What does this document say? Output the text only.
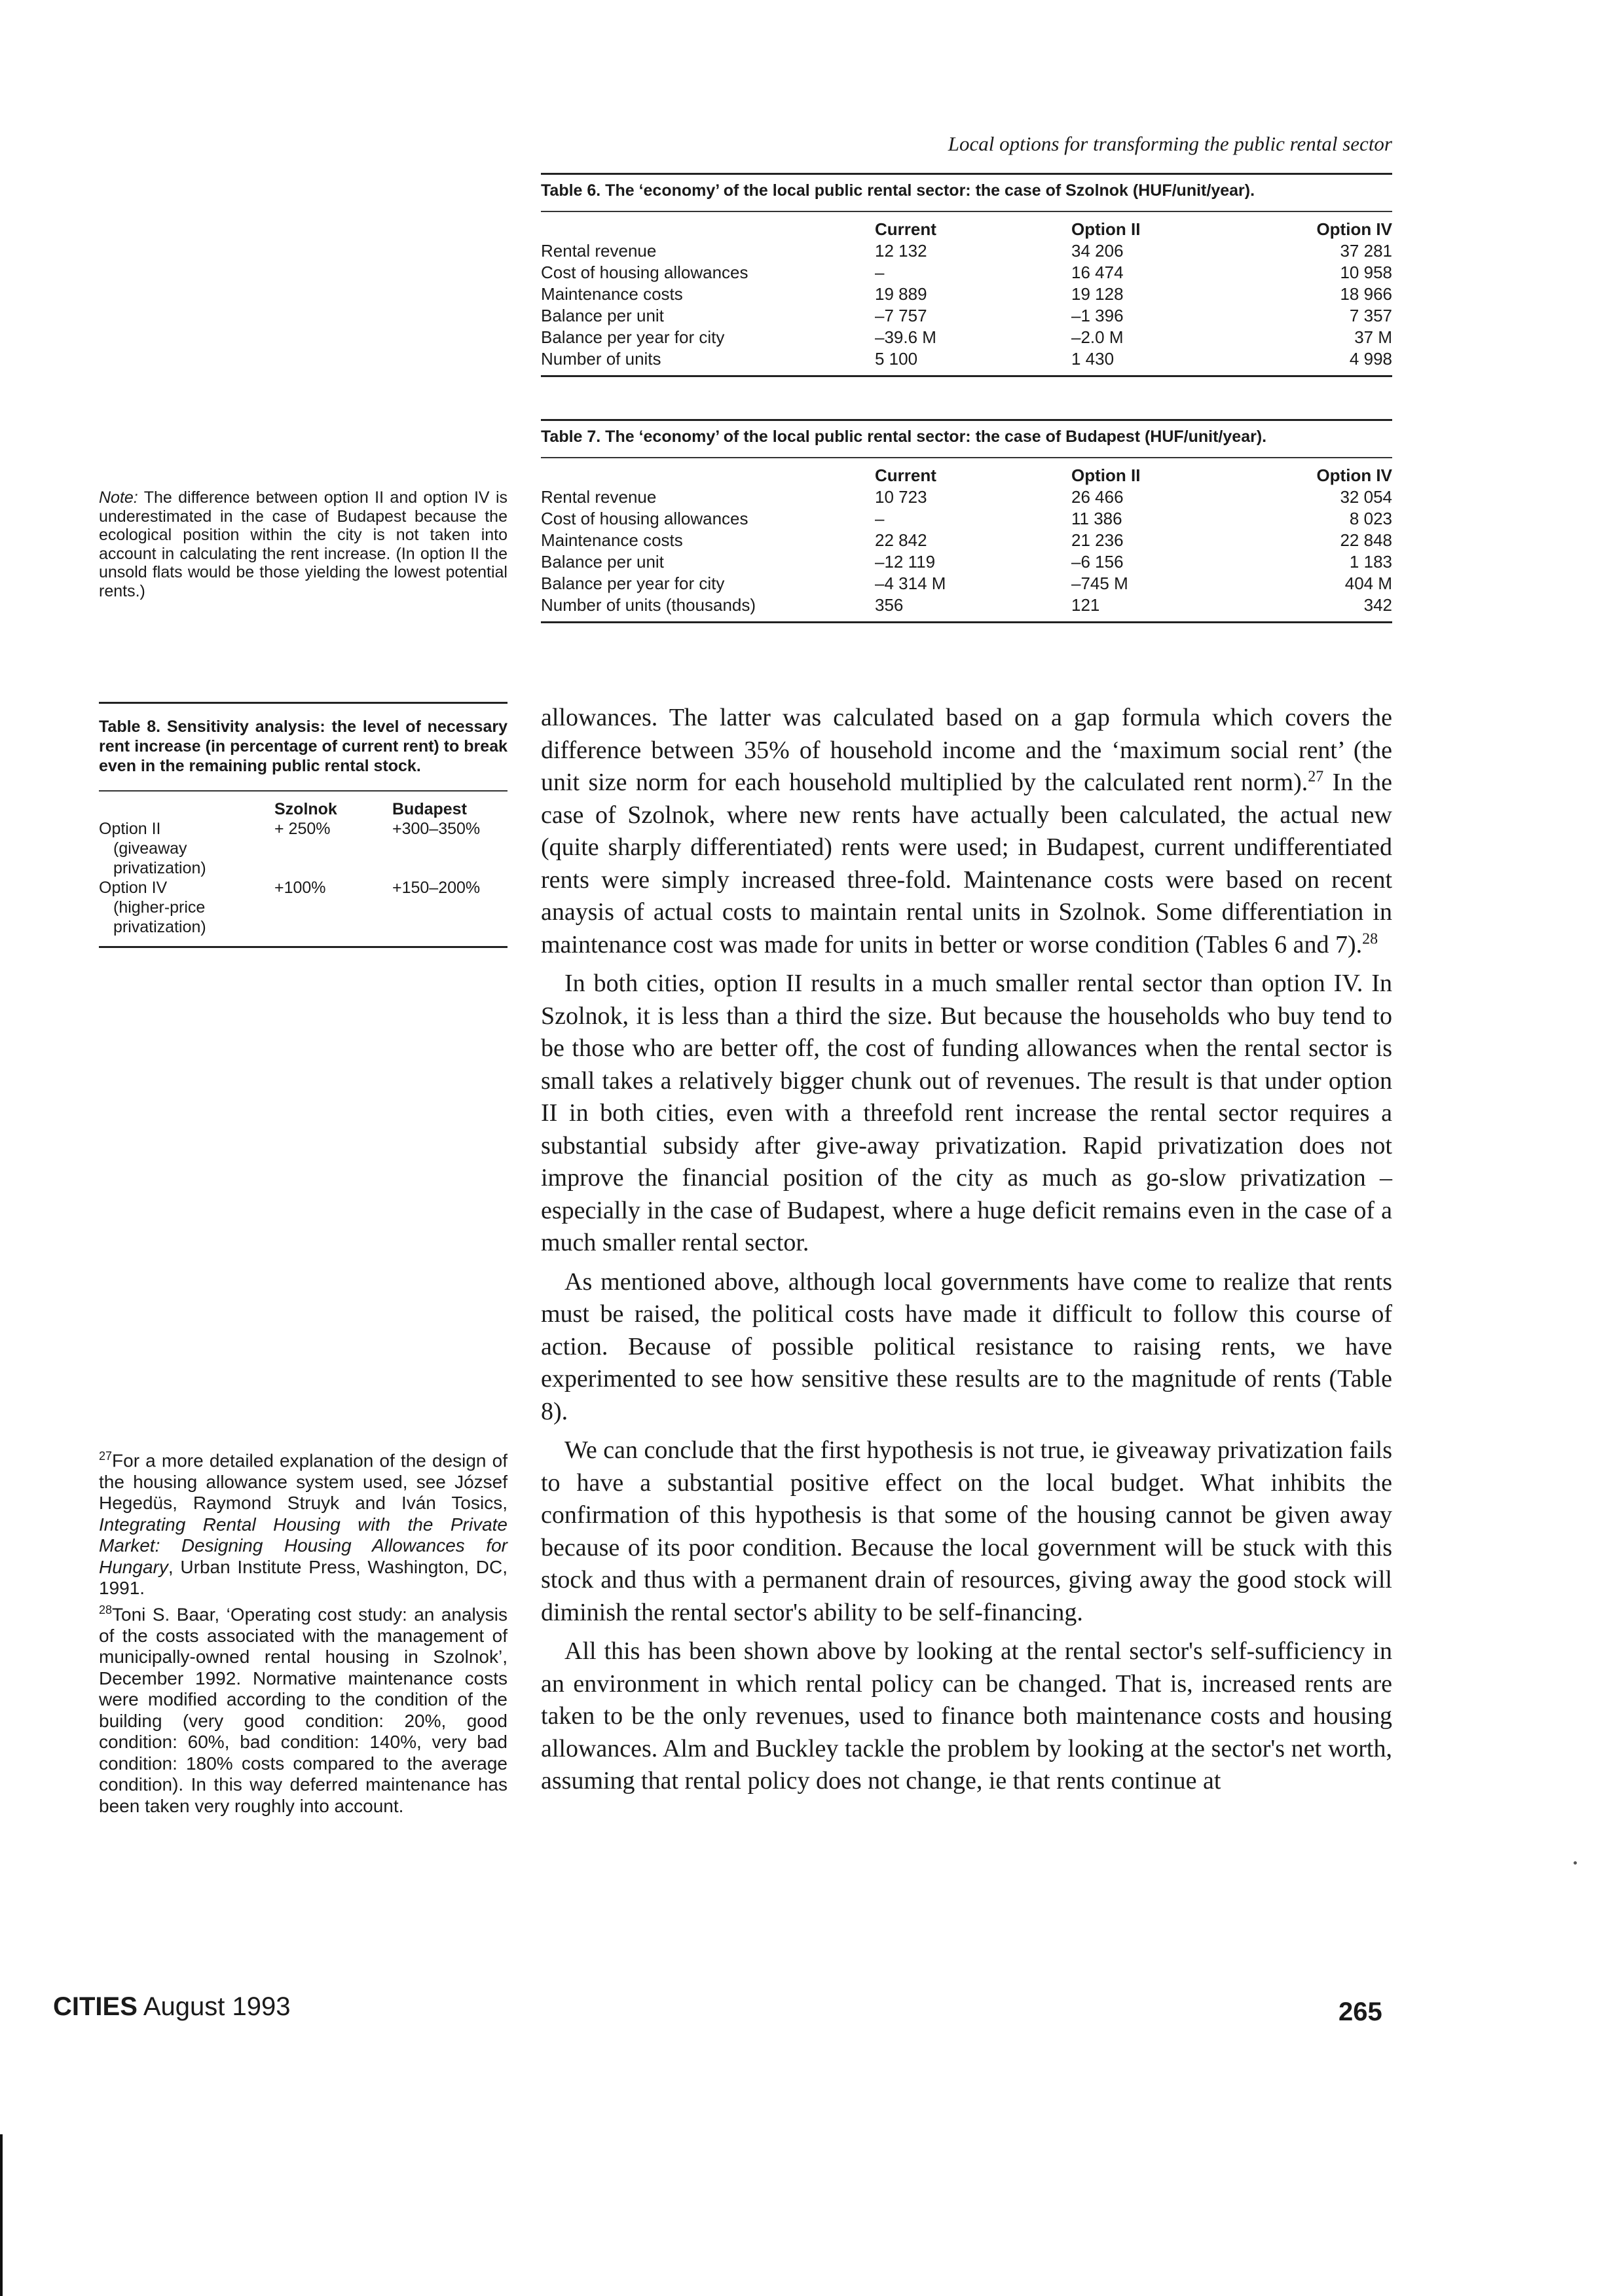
Local options for transforming the public rental sector
Table 6. The ‘economy’ of the local public rental sector: the case of Szolnok (HUF/unit/year).
	Current	Option II	Option IV
Rental revenue	12 132	34 206	37 281
Cost of housing allowances	–	16 474	10 958
Maintenance costs	19 889	19 128	18 966
Balance per unit	–7 757	–1 396	7 357
Balance per year for city	–39.6 M	–2.0 M	37 M
Number of units	5 100	1 430	4 998
Table 7. The ‘economy’ of the local public rental sector: the case of Budapest (HUF/unit/year).
	Current	Option II	Option IV
Rental revenue	10 723	26 466	32 054
Cost of housing allowances	–	11 386	8 023
Maintenance costs	22 842	21 236	22 848
Balance per unit	–12 119	–6 156	1 183
Balance per year for city	–4 314 M	–745 M	404 M
Number of units (thousands)	356	121	342
Note: The difference between option II and option IV is underestimated in the case of Budapest because the ecological position within the city is not taken into account in calculating the rent increase. (In option II the unsold flats would be those yielding the lowest potential rents.)
Table 8. Sensitivity analysis: the level of necessary rent increase (in percentage of current rent) to break even in the remaining public rental stock.
	Szolnok	Budapest

Option II
(giveaway
privatization)	+ 250%	+300–350%

Option IV
(higher-price
privatization)	+100%	+150–200%

$^{27}$For a more detailed explanation of the design of the housing allowance system used, see József Hegedüs, Raymond Struyk and Iván Tosics, Integrating Rental Housing with the Private Market: Designing Housing Allowances for Hungary, Urban Institute Press, Washington, DC, 1991.

$^{28}$Toni S. Baar, ‘Operating cost study: an analysis of the costs associated with the management of municipally-owned rental housing in Szolnok’, December 1992. Normative maintenance costs were modified according to the condition of the building (very good condition: 20%, good condition: 60%, bad condition: 140%, very bad condition: 180% costs compared to the average condition). In this way deferred maintenance has been taken very roughly into account.

allowances. The latter was calculated based on a gap formula which covers the difference between 35% of household income and the ‘maximum social rent’ (the unit size norm for each household multiplied by the calculated rent norm).$^{27}$ In the case of Szolnok, where new rents have actually been calculated, the actual new (quite sharply differentiated) rents were used; in Budapest, current undifferentiated rents were simply increased three-fold. Maintenance costs were based on recent anaysis of actual costs to maintain rental units in Szolnok. Some differentiation in maintenance cost was made for units in better or worse condition (Tables 6 and 7).$^{28}$

In both cities, option II results in a much smaller rental sector than option IV. In Szolnok, it is less than a third the size. But because the households who buy tend to be those who are better off, the cost of funding allowances when the rental sector is small takes a relatively bigger chunk out of revenues. The result is that under option II in both cities, even with a threefold rent increase the rental sector requires a substantial subsidy after give-away privatization. Rapid privatization does not improve the financial position of the city as much as go-slow privatization – especially in the case of Budapest, where a huge deficit remains even in the case of a much smaller rental sector.

As mentioned above, although local governments have come to realize that rents must be raised, the political costs have made it difficult to follow this course of action. Because of possible political resistance to raising rents, we have experimented to see how sensitive these results are to the magnitude of rents (Table 8).

We can conclude that the first hypothesis is not true, ie giveaway privatization fails to have a substantial positive effect on the local budget. What inhibits the confirmation of this hypothesis is that some of the housing cannot be given away because of its poor condition. Because the local government will be stuck with this stock and thus with a permanent drain of resources, giving away the good stock will diminish the rental sector's ability to be self-financing.

All this has been shown above by looking at the rental sector's self-sufficiency in an environment in which rental policy can be changed. That is, increased rents are taken to be the only revenues, used to finance both maintenance costs and housing allowances. Alm and Buckley tackle the problem by looking at the sector's net worth, assuming that rental policy does not change, ie that rents continue at

CITIES August 1993	265
